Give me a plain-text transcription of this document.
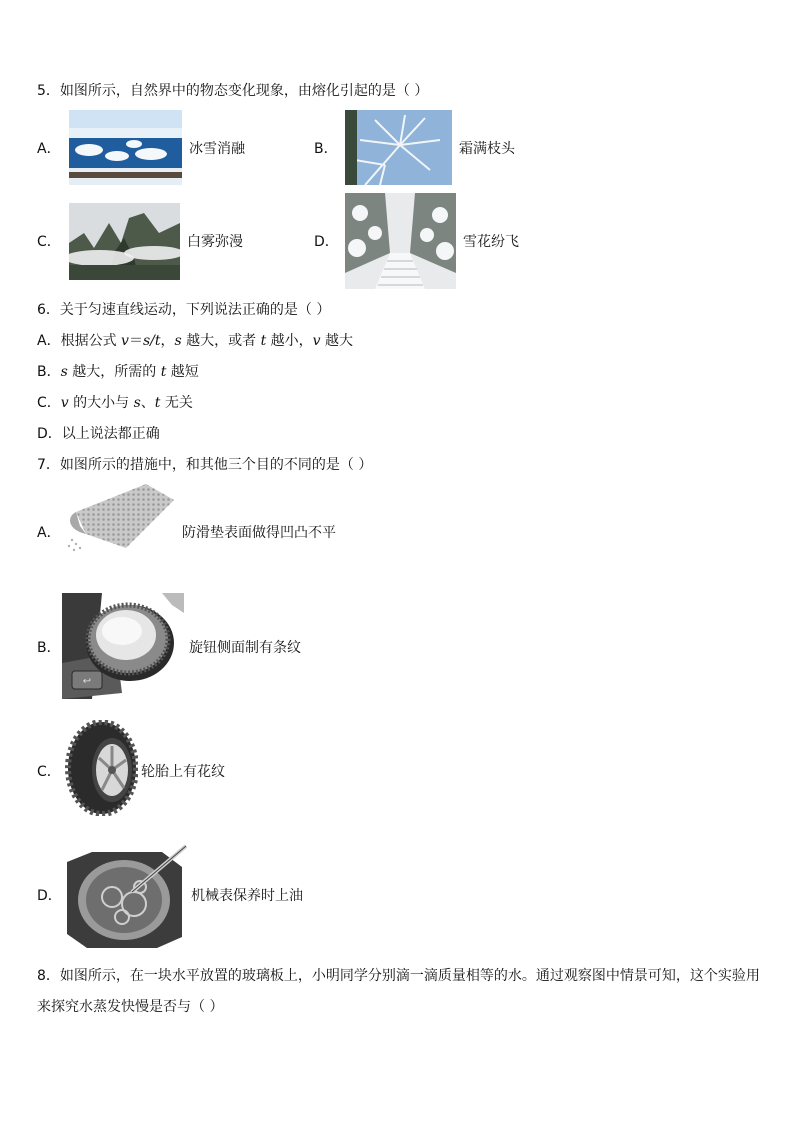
5．如图所示，自然界中的物态变化现象，由熔化引起的是（ ）
A．	冰雪消融	B．	霜满枝头
C．	白雾弥漫	D．	雪花纷飞
6．关于匀速直线运动，下列说法正确的是（ ）
A．根据公式 v＝s/t，s 越大，或者 t 越小，v 越大
B．s 越大，所需的 t 越短
C．v 的大小与 s、t 无关
D．以上说法都正确
7．如图所示的措施中，和其他三个目的不同的是（ ）
A．	防滑垫表面做得凹凸不平
B．
↩
旋钮侧面制有条纹
C．	轮胎上有花纹
D．	机械表保养时上油
8．如图所示，在一块水平放置的玻璃板上，小明同学分别滴一滴质量相等的水。通过观察图中情景可知，这个实验用
来探究水蒸发快慢是否与（ ）
